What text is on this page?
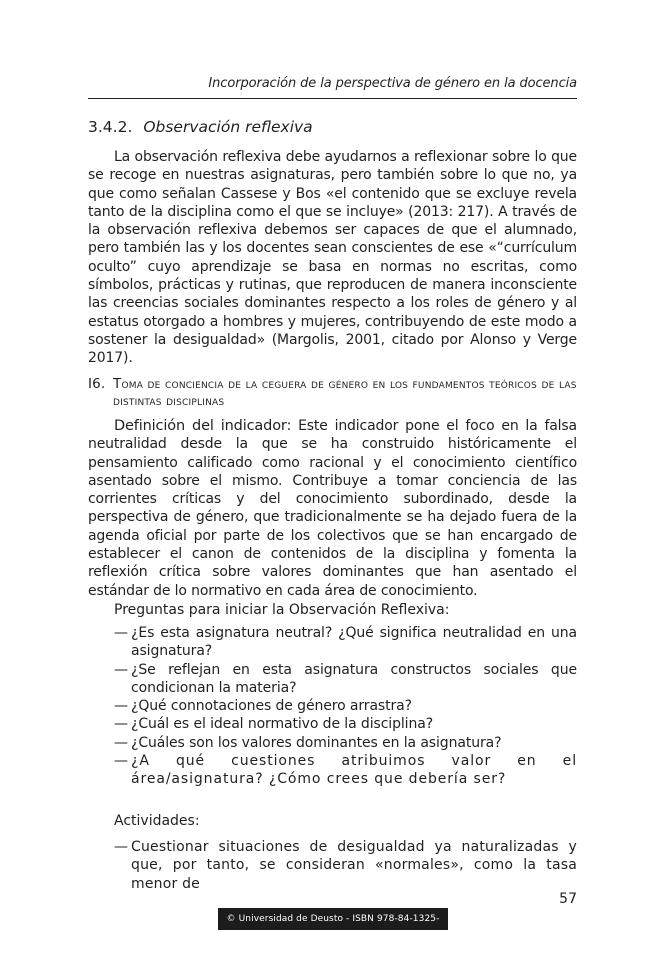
Incorporación de la perspectiva de género en la docencia
3.4.2. Observación reflexiva

La observación reflexiva debe ayudarnos a reflexionar sobre lo que se recoge en nuestras asignaturas, pero también sobre lo que no, ya que como señalan Cassese y Bos «el contenido que se excluye revela tanto de la disciplina como el que se incluye» (2013: 217). A través de la observación reflexiva debemos ser capaces de que el alumnado, pero también las y los docentes sean conscientes de ese «“currículum oculto” cuyo aprendizaje se basa en normas no escritas, como símbolos, prácticas y rutinas, que reproducen de manera inconsciente las creencias sociales dominantes respecto a los roles de género y al estatus otorgado a hombres y mujeres, contribuyendo de este modo a sostener la desigualdad» (Margolis, 2001, citado por Alonso y Verge 2017).

I6. Toma de conciencia de la ceguera de género en los fundamentos teóricos de las distintas disciplinas

Definición del indicador: Este indicador pone el foco en la falsa neutralidad desde la que se ha construido históricamente el pensamiento calificado como racional y el conocimiento científico asentado sobre el mismo. Contribuye a tomar conciencia de las corrientes críticas y del conocimiento subordinado, desde la perspectiva de género, que tradicionalmente se ha dejado fuera de la agenda oficial por parte de los colectivos que se han encargado de establecer el canon de contenidos de la disciplina y fomenta la reflexión crítica sobre valores dominantes que han asentado el estándar de lo normativo en cada área de conocimiento.

Preguntas para iniciar la Observación Reflexiva:
— ¿Es esta asignatura neutral? ¿Qué significa neutralidad en una asignatura?
— ¿Se reflejan en esta asignatura constructos sociales que condicionan la materia?
— ¿Qué connotaciones de género arrastra?
— ¿Cuál es el ideal normativo de la disciplina?
— ¿Cuáles son los valores dominantes en la asignatura?
— ¿A qué cuestiones atribuimos valor en el área/asignatura? ¿Cómo crees que debería ser?
Actividades:
— Cuestionar situaciones de desigualdad ya naturalizadas y que, por tanto, se consideran «normales», como la tasa menor de
57
© Universidad de Deusto - ISBN 978-84-1325-155-4
